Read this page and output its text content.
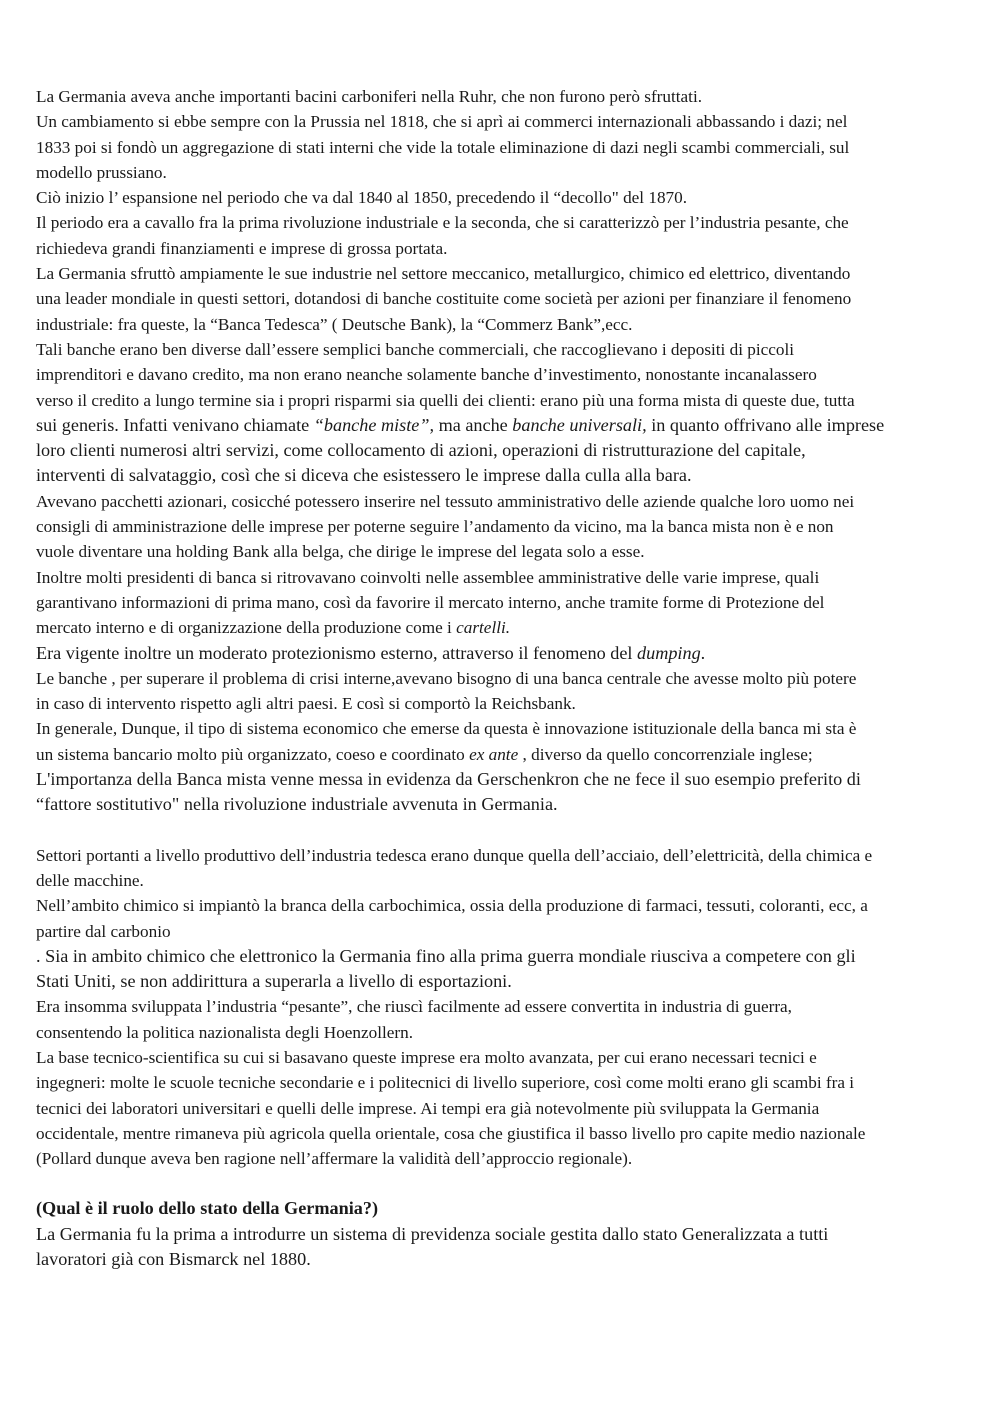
La Germania aveva anche importanti bacini carboniferi nella Ruhr, che non furono però sfruttati.
Un cambiamento si ebbe sempre con la Prussia nel 1818, che si aprì ai commerci internazionali abbassando i dazi; nel
1833 poi si fondò un aggregazione di stati interni che vide la totale eliminazione di dazi negli scambi commerciali, sul
modello prussiano.
Ciò inizio l’ espansione nel periodo che va dal 1840 al 1850, precedendo il “decollo" del 1870.
Il periodo era a cavallo fra la prima rivoluzione industriale e la seconda, che si caratterizzò per l’industria pesante, che
richiedeva grandi finanziamenti e imprese di grossa portata.
La Germania sfruttò ampiamente le sue industrie nel settore meccanico, metallurgico, chimico ed elettrico, diventando
una leader mondiale in questi settori, dotandosi di banche costituite come società per azioni per finanziare il fenomeno
industriale: fra queste, la “Banca Tedesca” ( Deutsche Bank), la “Commerz Bank”,ecc.
Tali banche erano ben diverse dall’essere semplici banche commerciali, che raccoglievano i depositi di piccoli
imprenditori e davano credito, ma non erano neanche solamente banche d’investimento, nonostante incanalassero
verso il credito a lungo termine sia i propri risparmi sia quelli dei clienti: erano più una forma mista di queste due, tutta
sui generis. Infatti venivano chiamate “banche miste”, ma anche banche universali, in quanto offrivano alle imprese
loro clienti numerosi altri servizi, come collocamento di azioni, operazioni di ristrutturazione del capitale,
interventi di salvataggio, così che si diceva che esistessero le imprese dalla culla alla bara.
Avevano pacchetti azionari, cosicché potessero inserire nel tessuto amministrativo delle aziende qualche loro uomo nei
consigli di amministrazione delle imprese per poterne seguire l’andamento da vicino, ma la banca mista non è e non
vuole diventare una holding Bank alla belga, che dirige le imprese del legata solo a esse.
Inoltre molti presidenti di banca si ritrovavano coinvolti nelle assemblee amministrative delle varie imprese, quali
garantivano informazioni di prima mano, così da favorire il mercato interno, anche tramite forme di Protezione del
mercato interno e di organizzazione della produzione come i cartelli.
Era vigente inoltre un moderato protezionismo esterno, attraverso il fenomeno del dumping.
Le banche , per superare il problema di crisi interne,avevano bisogno di una banca centrale che avesse molto più potere
in caso di intervento rispetto agli altri paesi. E così si comportò la Reichsbank.
In generale, Dunque, il tipo di sistema economico che emerse da questa è innovazione istituzionale della banca mi sta è
un sistema bancario molto più organizzato, coeso e coordinato ex ante , diverso da quello concorrenziale inglese;
L'importanza della Banca mista venne messa in evidenza da Gerschenkron che ne fece il suo esempio preferito di
“fattore sostitutivo" nella rivoluzione industriale avvenuta in Germania.
Settori portanti a livello produttivo dell’industria tedesca erano dunque quella dell’acciaio, dell’elettricità, della chimica e
delle macchine.
Nell’ambito chimico si impiantò la branca della carbochimica, ossia della produzione di farmaci, tessuti, coloranti, ecc, a
partire dal carbonio
. Sia in ambito chimico che elettronico la Germania fino alla prima guerra mondiale riusciva a competere con gli
Stati Uniti, se non addirittura a superarla a livello di esportazioni.
Era insomma sviluppata l’industria “pesante”, che riuscì facilmente ad essere convertita in industria di guerra,
consentendo la politica nazionalista degli Hoenzollern.
La base tecnico-scientifica su cui si basavano queste imprese era molto avanzata, per cui erano necessari tecnici e
ingegneri: molte le scuole tecniche secondarie e i politecnici di livello superiore, così come molti erano gli scambi fra i
tecnici dei laboratori universitari e quelli delle imprese. Ai tempi era già notevolmente più sviluppata la Germania
occidentale, mentre rimaneva più agricola quella orientale, cosa che giustifica il basso livello pro capite medio nazionale
(Pollard dunque aveva ben ragione nell’affermare la validità dell’approccio regionale).
(Qual è il ruolo dello stato della Germania?)
La Germania fu la prima a introdurre un sistema di previdenza sociale gestita dallo stato Generalizzata a tutti
lavoratori già con Bismarck nel 1880.
